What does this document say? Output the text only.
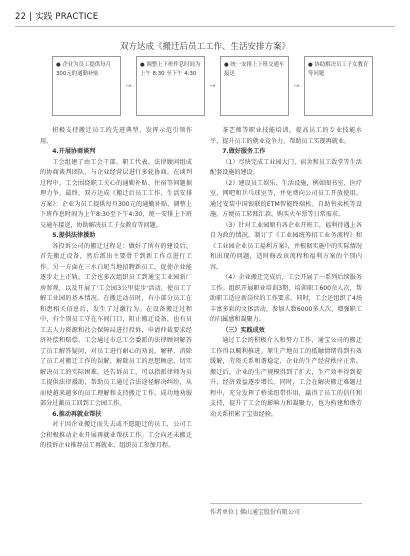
22 | 实践 PRACTICE
双方达成《搬迁后员工工作、生活安排方案》
● 企业为员工提供每月300元的通勤补贴
→
● 调整上下班作息时间为上午 8:30 至下午 4:30
→
● 统一安排上下班交通车接送
→
● 协助解决员工子女教育等问题

积极支持搬迁员工的先进典型，发挥示范引领作用。

4.开展协商谈判

工会组建了由工会干部、职工代表、法律顾问组成的协商谈判团队，与企业经营层进行多轮协商。在谈判过程中，工会围绕职工关心的通勤补贴、住宿等问题据理力争，最终，双方达成《搬迁后员工工作、生活安排方案》：企业为员工提供每月300元的通勤补贴，调整上下班作息时间为上午8:30至下午4:30，统一安排上下班交通车接送，协助解决员工子女教育等问题。

5.提供法律援助

各投诉公司的搬迁过程是：做好了所有的建设后，首先搬迁设备，然后派出主要骨干到新工作点进行工作。另一方面在三水白坭当地招聘新员工，促使企业能逐步走上正轨。工会也多次组织员工到通宝工业园新厂房参观，以及开展了'工会园3公里徒步'活动，使员工了解工业园的基本情况。在搬迁动员时，有小部分员工在和患相关信息后，发生了过激行为。在设备搬迁过程中，有个别员工守在车间门口，阻止搬迁设备，也有员工去人力资源和社会保障局进行投诉，申请仲裁要求经济补偿和赔偿。工会通过市总工会委派的法律顾问解答了员工解答疑问，对员工进行耐心的劝说、解释，消除了员工对搬迁工作的误解，解除员工的思想顾虑，切实解决员工的实际困难，还告诉员工，可以指派律师为员工提供法律援助，帮助员工通过合法途径解决纠纷，从而使越来越多的员工理解和支持搬迁工作，成功地劝服部分过激员工回到工会园工作。

6.推动再就业帮扶

对于因企业搬迁而失去或不愿随迁的员工，公司工会积极推动企业开展再就业帮扶工作。工会向还未搬迁的投诉企业推荐员工再就业，组织员工参加月程、

茶艺师等职业技能培训，提高员工的专业技能水平，提升员工的就业竞争力，帮助员工实现再就业。

7.做好服务工作

（1）尽快完成工业园大门、宿舍和员工饭堂等生活配套设施的建设。

（2）建设员工娱乐、生活设施，例如图书室、医疗室、网吧和乒乓球室等，并免费向公司员工开放使用。通过安装中国银联的ETM智能终端机、自助售卖机等设施，方便员工转账汇款、购买火车票等日常需求。

（3）针对工业园原有各企业开班工，福利待遇上各自为政的情况，制订了《工业园统筹招工业务流程》和《工业园企业员工福利方案》，并根据实施中的实际情况和出现的问题，适时修改该流程和福利方案的个别内容。

（4）企业搬迁完成后，工会开展了一系列后续服务工作。组织开展职业培训3期，培训职工600余人次，帮助职工适应新岗位的工作要求。同时，工会还组织了4场丰富多彩的文体活动，参加人数6000多人次，增强职工的归属感和凝聚力。

（三）实践成效

通过工会的积极介入和努力工作，通宝公司的搬迁工作得以顺利推进。原生产地员工的抵触情绪得到有效缓解，劳资关系和谐稳定，企业的生产经营秩序正常。搬迁后，企业的生产规模得到了扩大，生产效率得到提升，经济效益逐步增长。同时，工会在解决搬迁难题过程中，充分发挥了桥梁纽带作用，赢得了员工的信任和支持，提升了工会的影响力和凝聚力，也为构建和谐劳动关系积累了宝贵经验。

作者单位 | 佛山通宝股份有限公司
